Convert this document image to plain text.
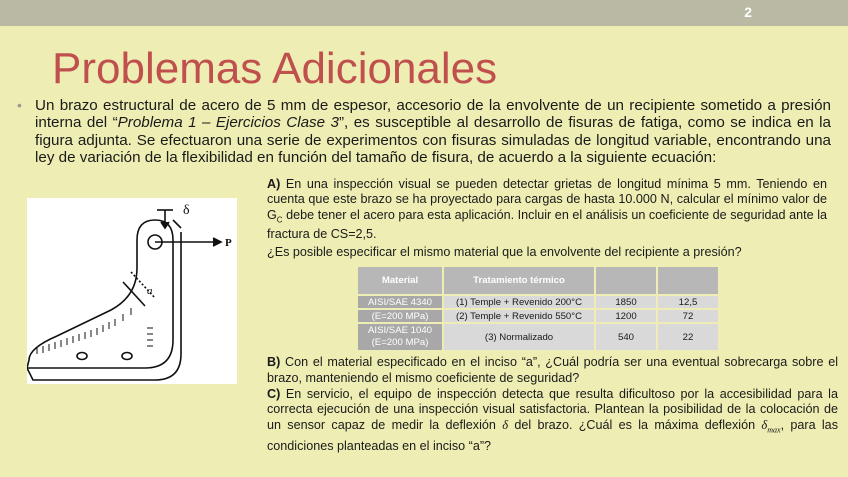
2
Problemas Adicionales
• Un brazo estructural de acero de 5 mm de espesor, accesorio de la envolvente de un recipiente sometido a presión interna del “Problema 1 – Ejercicios Clase 3”, es susceptible al desarrollo de fisuras de fatiga, como se indica en la figura adjunta. Se efectuaron una serie de experimentos con fisuras simuladas de longitud variable, encontrando una ley de variación de la flexibilidad en función del tamaño de fisura, de acuerdo a la siguiente ecuación:
δ
P
a
A) En una inspección visual se pueden detectar grietas de longitud mínima 5 mm. Teniendo en cuenta que este brazo se ha proyectado para cargas de hasta 10.000 N, calcular el mínimo valor de $G_C$ debe tener el acero para esta aplicación. Incluir en el análisis un coeficiente de seguridad ante la fractura de CS=2,5.
¿Es posible especificar el mismo material que la envolvente del recipiente a presión?
Material	Tratamiento térmico		
AISI/SAE 4340	(1) Temple + Revenido 200°C	1850	12,5
(E=200 MPa)	(2) Temple + Revenido 550°C	1200	72
AISI/SAE 1040
(E=200 MPa)	(3) Normalizado	540	22
B) Con el material especificado en el inciso “a”, ¿Cuál podría ser una eventual sobrecarga sobre el brazo, manteniendo el mismo coeficiente de seguridad?
C) En servicio, el equipo de inspección detecta que resulta dificultoso por la accesibilidad para la correcta ejecución de una inspección visual satisfactoria. Plantean la posibilidad de la colocación de un sensor capaz de medir la deflexión δ del brazo. ¿Cuál es la máxima deflexión $\delta_{max}$, para las condiciones planteadas en el inciso “a”?
